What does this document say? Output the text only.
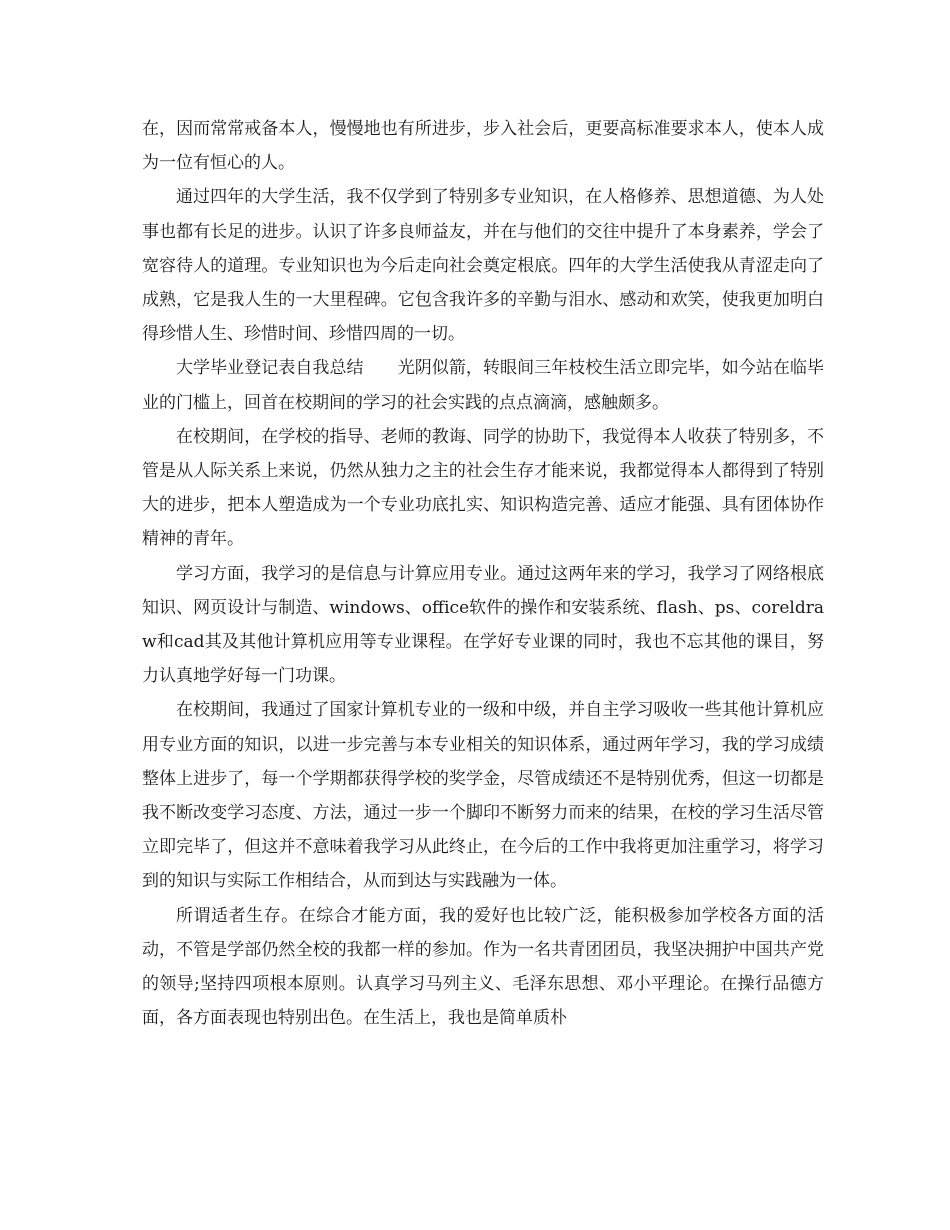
在，因而常常戒备本人，慢慢地也有所进步，步入社会后，更要高标准要求本人，使本人成为一位有恒心的人。

通过四年的大学生活，我不仅学到了特别多专业知识，在人格修养、思想道德、为人处事也都有长足的进步。认识了许多良师益友，并在与他们的交往中提升了本身素养，学会了宽容待人的道理。专业知识也为今后走向社会奠定根底。四年的大学生活使我从青涩走向了成熟，它是我人生的一大里程碑。它包含我许多的辛勤与泪水、感动和欢笑，使我更加明白得珍惜人生、珍惜时间、珍惜四周的一切。

大学毕业登记表自我总结　　光阴似箭，转眼间三年枝校生活立即完毕，如今站在临毕业的门槛上，回首在校期间的学习的社会实践的点点滴滴，感触颇多。

在校期间，在学校的指导、老师的教诲、同学的协助下，我觉得本人收获了特别多，不管是从人际关系上来说，仍然从独力之主的社会生存才能来说，我都觉得本人都得到了特别大的进步，把本人塑造成为一个专业功底扎实、知识构造完善、适应才能强、具有团体协作精神的青年。

学习方面，我学习的是信息与计算应用专业。通过这两年来的学习，我学习了网络根底知识、网页设计与制造、windows、office软件的操作和安装系统、flash、ps、coreldraw和cad其及其他计算机应用等专业课程。在学好专业课的同时，我也不忘其他的课目，努力认真地学好每一门功课。

在校期间，我通过了国家计算机专业的一级和中级，并自主学习吸收一些其他计算机应用专业方面的知识，以进一步完善与本专业相关的知识体系，通过两年学习，我的学习成绩整体上进步了，每一个学期都获得学校的奖学金，尽管成绩还不是特别优秀，但这一切都是我不断改变学习态度、方法，通过一步一个脚印不断努力而来的结果，在校的学习生活尽管立即完毕了，但这并不意味着我学习从此终止，在今后的工作中我将更加注重学习，将学习到的知识与实际工作相结合，从而到达与实践融为一体。

所谓适者生存。在综合才能方面，我的爱好也比较广泛，能积极参加学校各方面的活动，不管是学部仍然全校的我都一样的参加。作为一名共青团团员，我坚决拥护中国共产党的领导;坚持四项根本原则。认真学习马列主义、毛泽东思想、邓小平理论。在操行品德方面，各方面表现也特别出色。在生活上，我也是简单质朴
